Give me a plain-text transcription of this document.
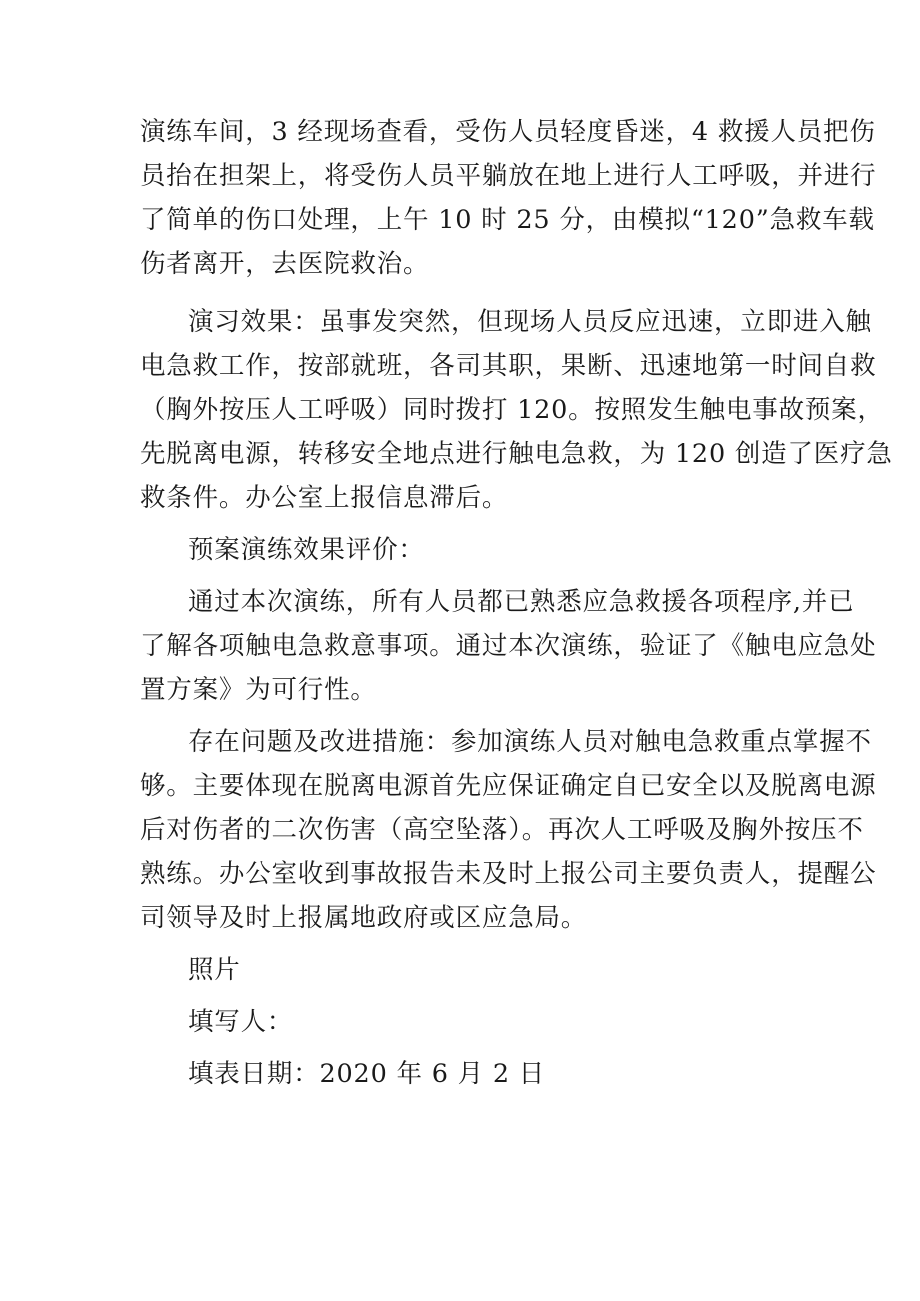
演练车间，3 经现场查看，受伤人员轻度昏迷，4 救援人员把伤
员抬在担架上，将受伤人员平躺放在地上进行人工呼吸，并进行
了简单的伤口处理，上午 10 时 25 分，由模拟“120”急救车载
伤者离开，去医院救治。
演习效果：虽事发突然，但现场人员反应迅速，立即进入触
电急救工作，按部就班，各司其职，果断、迅速地第一时间自救
（胸外按压人工呼吸）同时拨打 120。按照发生触电事故预案，
先脱离电源，转移安全地点进行触电急救，为 120 创造了医疗急
救条件。办公室上报信息滞后。
预案演练效果评价：
通过本次演练，所有人员都已熟悉应急救援各项程序,并已
了解各项触电急救意事项。通过本次演练，验证了《触电应急处
置方案》为可行性。
存在问题及改进措施：参加演练人员对触电急救重点掌握不
够。主要体现在脱离电源首先应保证确定自已安全以及脱离电源
后对伤者的二次伤害（高空坠落）。再次人工呼吸及胸外按压不
熟练。办公室收到事故报告未及时上报公司主要负责人，提醒公
司领导及时上报属地政府或区应急局。
照片
填写人：
填表日期：2020 年 6 月 2 日
